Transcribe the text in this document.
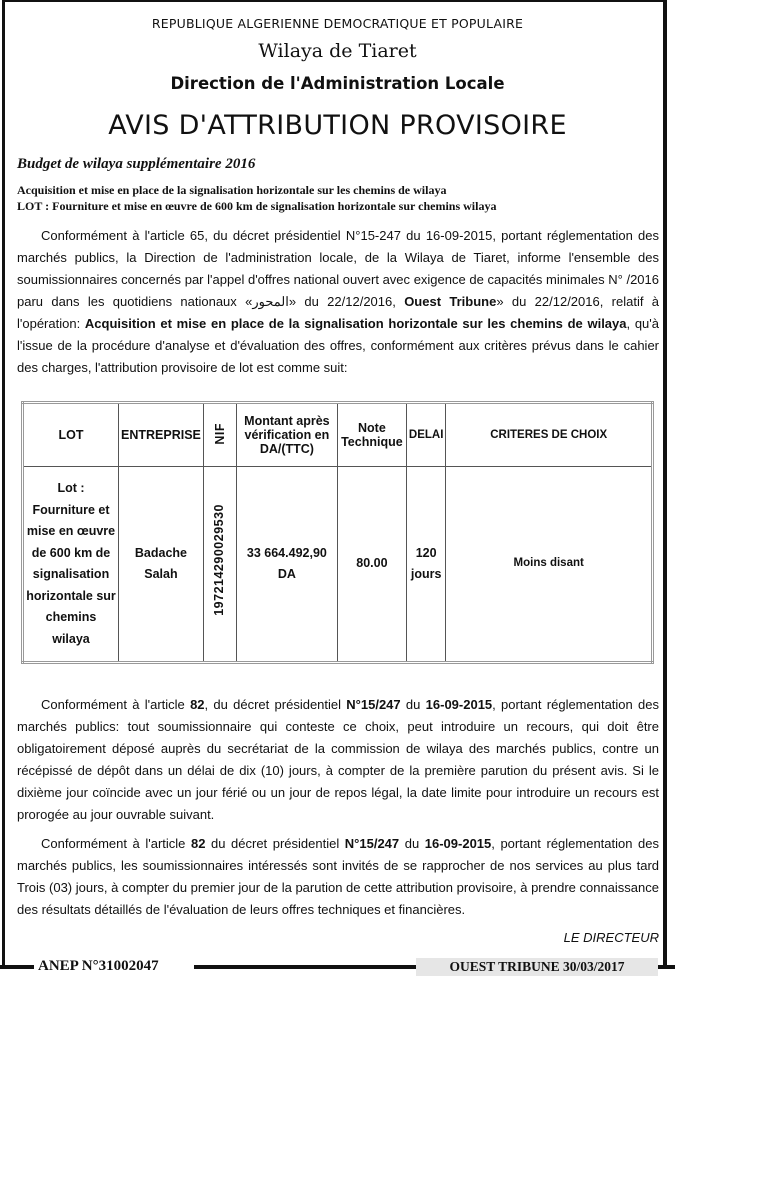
REPUBLIQUE ALGERIENNE DEMOCRATIQUE ET POPULAIRE
Wilaya de Tiaret
Direction de l'Administration Locale
AVIS D'ATTRIBUTION PROVISOIRE
Budget de wilaya supplémentaire 2016
Acquisition et mise en place de la signalisation horizontale sur les chemins de wilaya
LOT : Fourniture et mise en œuvre de 600 km de signalisation horizontale sur chemins wilaya
Conformément à l'article 65, du décret présidentiel N°15-247 du 16-09-2015, portant réglementation des marchés publics, la Direction de l'administration locale, de la Wilaya de Tiaret, informe l'ensemble des soumissionnaires concernés par l'appel d'offres national ouvert avec exigence de capacités minimales N° /2016 paru dans les quotidiens nationaux «المحور» du 22/12/2016, Ouest Tribune» du 22/12/2016, relatif à l'opération: Acquisition et mise en place de la signalisation horizontale sur les chemins de wilaya, qu'à l'issue de la procédure d'analyse et d'évaluation des offres, conformément aux critères prévus dans le cahier des charges, l'attribution provisoire de lot est comme suit:
LOT	ENTREPRISE	NIF	Montant après vérification en DA/(TTC)	Note Technique	DELAI	CRITERES DE CHOIX
Lot : Fourniture et mise en œuvre de 600 km de signalisation horizontale sur chemins wilaya	Badache Salah	197214290029530	33 664.492,90 DA	80.00	120 jours	Moins disant
Conformément à l'article 82, du décret présidentiel N°15/247 du 16-09-2015, portant réglementation des marchés publics: tout soumissionnaire qui conteste ce choix, peut introduire un recours, qui doit être obligatoirement déposé auprès du secrétariat de la commission de wilaya des marchés publics, contre un récépissé de dépôt dans un délai de dix (10) jours, à compter de la première parution du présent avis. Si le dixième jour coïncide avec un jour férié ou un jour de repos légal, la date limite pour introduire un recours est prorogée au jour ouvrable suivant.
Conformément à l'article 82 du décret présidentiel N°15/247 du 16-09-2015, portant réglementation des marchés publics, les soumissionnaires intéressés sont invités de se rapprocher de nos services au plus tard Trois (03) jours, à compter du premier jour de la parution de cette attribution provisoire, à prendre connaissance des résultats détaillés de l'évaluation de leurs offres techniques et financières.
LE DIRECTEUR
ANEP N°31002047	OUEST TRIBUNE 30/03/2017
